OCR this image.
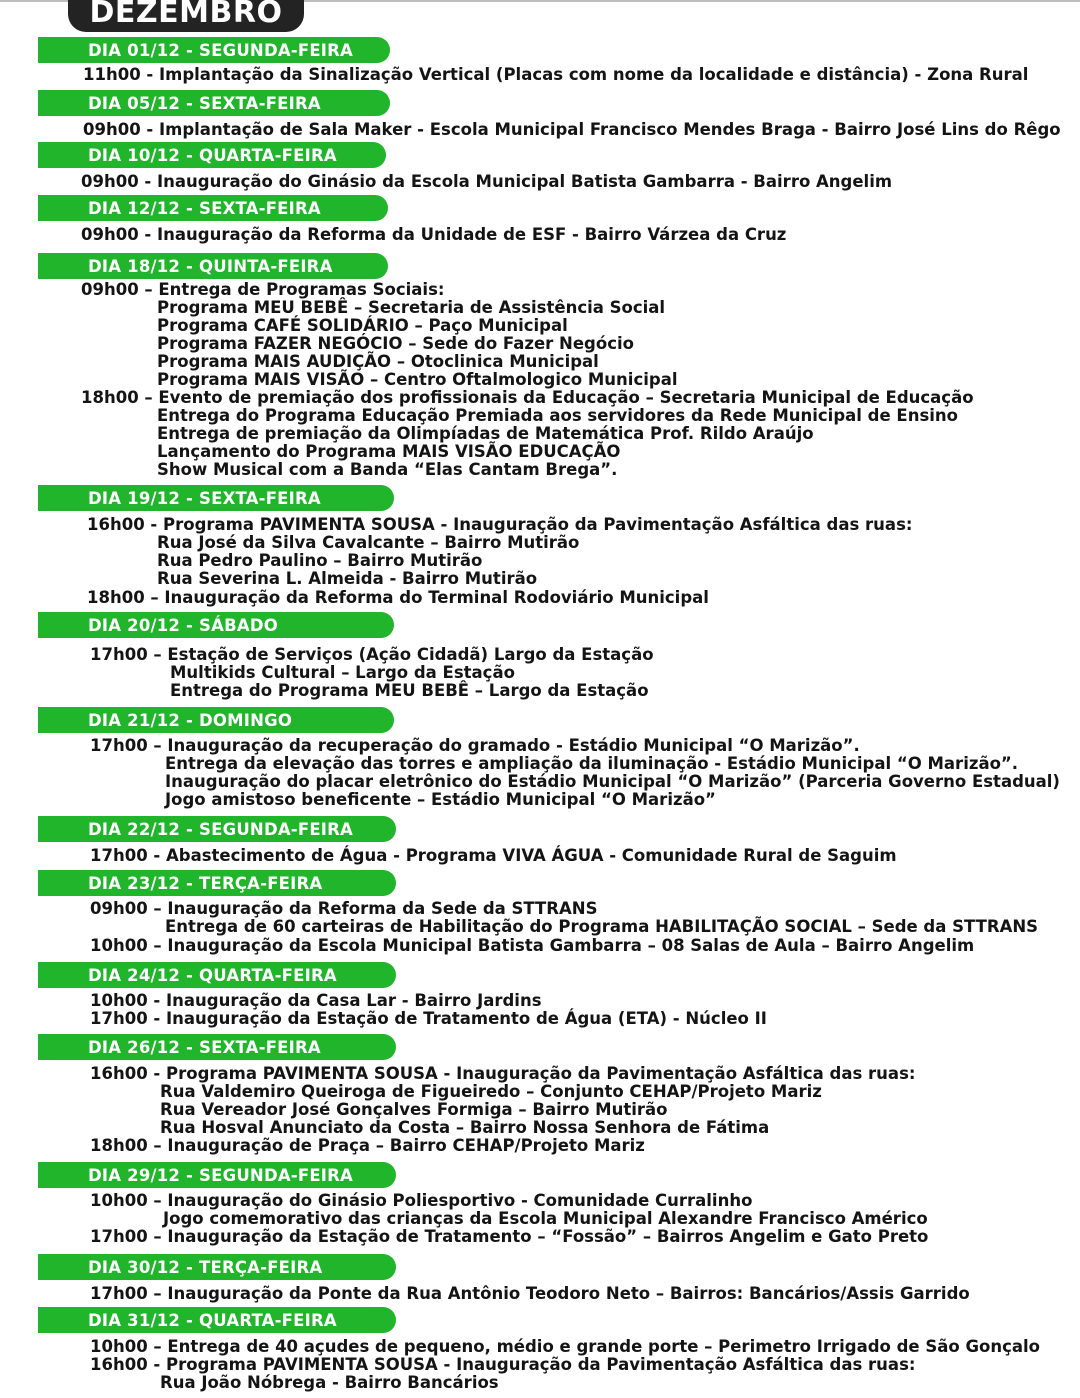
DEZEMBRO
DIA 01/12 - SEGUNDA-FEIRA
11h00 - Implantação da Sinalização Vertical (Placas com nome da localidade e distância) - Zona Rural
DIA 05/12 - SEXTA-FEIRA
09h00 - Implantação de Sala Maker - Escola Municipal Francisco Mendes Braga - Bairro José Lins do Rêgo
DIA 10/12 - QUARTA-FEIRA
09h00 - Inauguração do Ginásio da Escola Municipal Batista Gambarra - Bairro Angelim
DIA 12/12 - SEXTA-FEIRA
09h00 - Inauguração da Reforma da Unidade de ESF - Bairro Várzea da Cruz
DIA 18/12 - QUINTA-FEIRA
09h00 – Entrega de Programas Sociais:
Programa MEU BEBÊ – Secretaria de Assistência Social
Programa CAFÉ SOLIDÁRIO – Paço Municipal
Programa FAZER NEGÓCIO – Sede do Fazer Negócio
Programa MAIS AUDIÇÃO – Otoclinica Municipal
Programa MAIS VISÃO – Centro Oftalmologico Municipal
18h00 – Evento de premiação dos profissionais da Educação – Secretaria Municipal de Educação
Entrega do Programa Educação Premiada aos servidores da Rede Municipal de Ensino
Entrega de premiação da Olimpíadas de Matemática Prof. Rildo Araújo
Lançamento do Programa MAIS VISÃO EDUCAÇÃO
Show Musical com a Banda “Elas Cantam Brega”.
DIA 19/12 - SEXTA-FEIRA
16h00 - Programa PAVIMENTA SOUSA - Inauguração da Pavimentação Asfáltica das ruas:
Rua José da Silva Cavalcante – Bairro Mutirão
Rua Pedro Paulino – Bairro Mutirão
Rua Severina L. Almeida - Bairro Mutirão
18h00 – Inauguração da Reforma do Terminal Rodoviário Municipal
DIA 20/12 - SÁBADO
17h00 – Estação de Serviços (Ação Cidadã) Largo da Estação
Multikids Cultural – Largo da Estação
Entrega do Programa MEU BEBÊ – Largo da Estação
DIA 21/12 - DOMINGO
17h00 – Inauguração da recuperação do gramado - Estádio Municipal “O Marizão”.
Entrega da elevação das torres e ampliação da iluminação - Estádio Municipal “O Marizão”.
Inauguração do placar eletrônico do Estádio Municipal “O Marizão” (Parceria Governo Estadual)
Jogo amistoso beneficente – Estádio Municipal “O Marizão”
DIA 22/12 - SEGUNDA-FEIRA
17h00 - Abastecimento de Água - Programa VIVA ÁGUA - Comunidade Rural de Saguim
DIA 23/12 - TERÇA-FEIRA
09h00 – Inauguração da Reforma da Sede da STTRANS
Entrega de 60 carteiras de Habilitação do Programa HABILITAÇÃO SOCIAL – Sede da STTRANS
10h00 – Inauguração da Escola Municipal Batista Gambarra – 08 Salas de Aula – Bairro Angelim
DIA 24/12 - QUARTA-FEIRA
10h00 - Inauguração da Casa Lar - Bairro Jardins
17h00 - Inauguração da Estação de Tratamento de Água (ETA) - Núcleo II
DIA 26/12 - SEXTA-FEIRA
16h00 - Programa PAVIMENTA SOUSA - Inauguração da Pavimentação Asfáltica das ruas:
Rua Valdemiro Queiroga de Figueiredo – Conjunto CEHAP/Projeto Mariz
Rua Vereador José Gonçalves Formiga – Bairro Mutirão
Rua Hosval Anunciato da Costa – Bairro Nossa Senhora de Fátima
18h00 – Inauguração de Praça – Bairro CEHAP/Projeto Mariz
DIA 29/12 - SEGUNDA-FEIRA
10h00 – Inauguração do Ginásio Poliesportivo - Comunidade Curralinho
Jogo comemorativo das crianças da Escola Municipal Alexandre Francisco Américo
17h00 – Inauguração da Estação de Tratamento – “Fossão” – Bairros Angelim e Gato Preto
DIA 30/12 - TERÇA-FEIRA
17h00 – Inauguração da Ponte da Rua Antônio Teodoro Neto – Bairros: Bancários/Assis Garrido
DIA 31/12 - QUARTA-FEIRA
10h00 – Entrega de 40 açudes de pequeno, médio e grande porte – Perimetro Irrigado de São Gonçalo
16h00 - Programa PAVIMENTA SOUSA - Inauguração da Pavimentação Asfáltica das ruas:
Rua João Nóbrega - Bairro Bancários
